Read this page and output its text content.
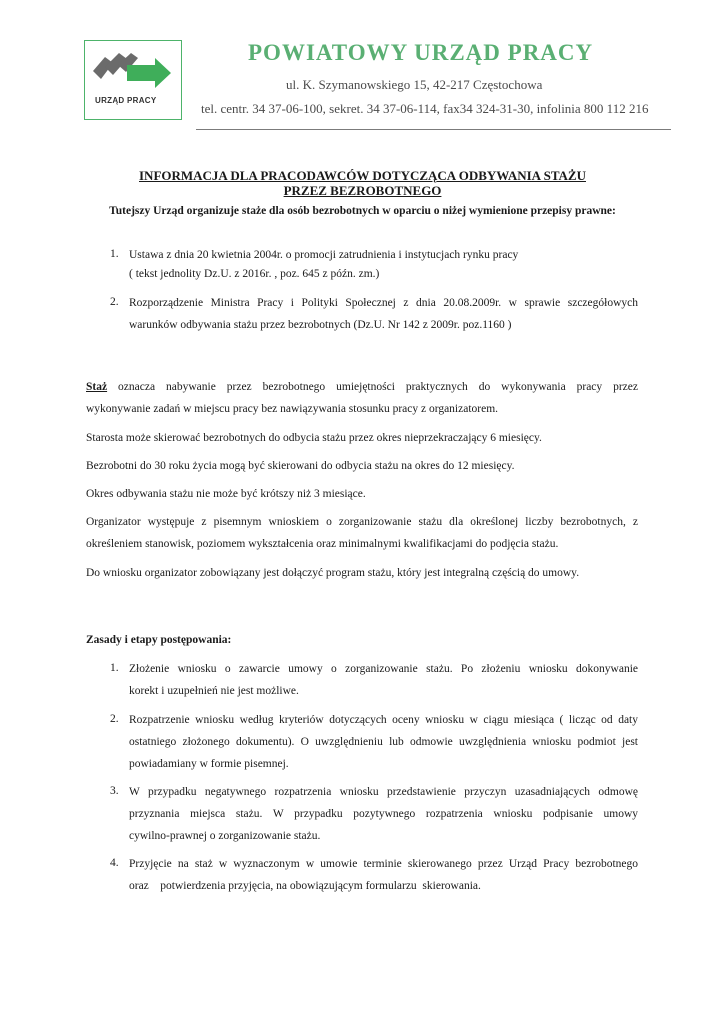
URZĄD PRACY
POWIATOWY URZĄD PRACY
ul. K. Szymanowskiego 15, 42-217 Częstochowa
tel. centr. 34 37-06-100, sekret. 34 37-06-114, fax34 324-31-30, infolinia 800 112 216
INFORMACJA DLA PRACODAWCÓW DOTYCZĄCA ODBYWANIA STAŻU
PRZEZ BEZROBOTNEGO
Tutejszy Urząd organizuje staże dla osób bezrobotnych w oparciu o niżej wymienione przepisy prawne:
1. Ustawa z dnia 20 kwietnia 2004r. o promocji zatrudnienia i instytucjach rynku pracy
( tekst jednolity Dz.U. z 2016r. , poz. 645 z późn. zm.)
2. Rozporządzenie Ministra Pracy i Polityki Społecznej z dnia 20.08.2009r. w sprawie szczegółowych
warunków odbywania stażu przez bezrobotnych (Dz.U. Nr 142 z 2009r. poz.1160 )
Staż oznacza nabywanie przez bezrobotnego umiejętności praktycznych do wykonywania pracy przez
wykonywanie zadań w miejscu pracy bez nawiązywania stosunku pracy z organizatorem.
Starosta może skierować bezrobotnych do odbycia stażu przez okres nieprzekraczający 6 miesięcy.
Bezrobotni do 30 roku życia mogą być skierowani do odbycia stażu na okres do 12 miesięcy.
Okres odbywania stażu nie może być krótszy niż 3 miesiące.
Organizator występuje z pisemnym wnioskiem o zorganizowanie stażu dla określonej liczby bezrobotnych, z
określeniem stanowisk, poziomem wykształcenia oraz minimalnymi kwalifikacjami do podjęcia stażu.
Do wniosku organizator zobowiązany jest dołączyć program stażu, który jest integralną częścią do umowy.
Zasady i etapy postępowania:
1. Złożenie wniosku o zawarcie umowy o zorganizowanie stażu. Po złożeniu wniosku dokonywanie
korekt i uzupełnień nie jest możliwe.
2. Rozpatrzenie wniosku według kryteriów dotyczących oceny wniosku w ciągu miesiąca ( licząc od daty
ostatniego złożonego dokumentu). O uwzględnieniu lub odmowie uwzględnienia wniosku podmiot jest
powiadamiany w formie pisemnej.
3. W przypadku negatywnego rozpatrzenia wniosku przedstawienie przyczyn uzasadniających odmowę
przyznania miejsca stażu. W przypadku pozytywnego rozpatrzenia wniosku podpisanie umowy
cywilno-prawnej o zorganizowanie stażu.
4. Przyjęcie na staż w wyznaczonym w umowie terminie skierowanego przez Urząd Pracy bezrobotnego
oraz    potwierdzenia przyjęcia, na obowiązującym formularzu  skierowania.
